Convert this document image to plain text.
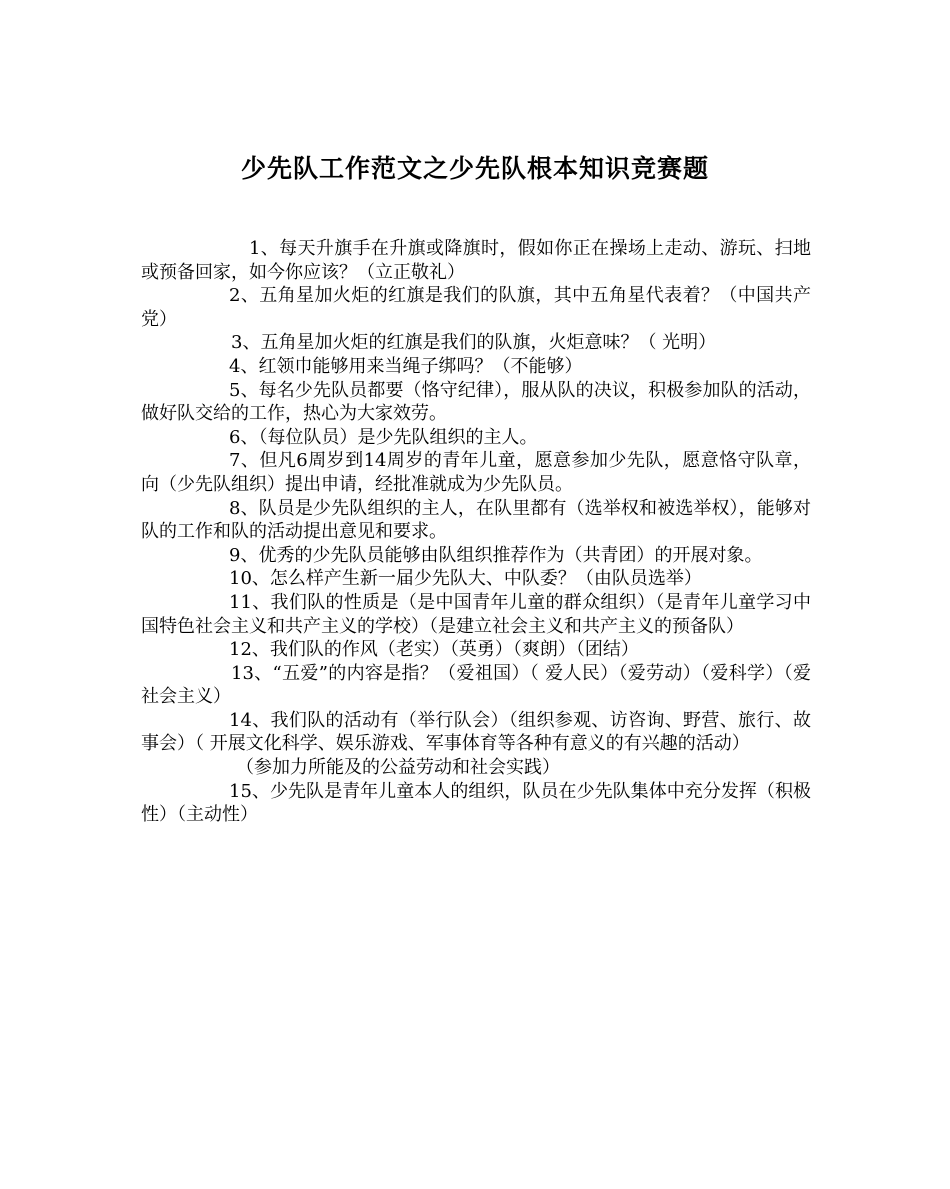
少先队工作范文之少先队根本知识竞赛题

1、每天升旗手在升旗或降旗时，假如你正在操场上走动、游玩、扫地或预备回家，如今你应该？（立正敬礼）

2、五角星加火炬的红旗是我们的队旗，其中五角星代表着？（中国共产党）

3、五角星加火炬的红旗是我们的队旗，火炬意味？（ 光明）

4、红领巾能够用来当绳子绑吗？（不能够）

5、每名少先队员都要（恪守纪律），服从队的决议，积极参加队的活动，做好队交给的工作，热心为大家效劳。

6、（每位队员）是少先队组织的主人。

7、但凡6周岁到14周岁的青年儿童，愿意参加少先队，愿意恪守队章，向（少先队组织）提出申请，经批准就成为少先队员。

8、队员是少先队组织的主人，在队里都有（选举权和被选举权），能够对队的工作和队的活动提出意见和要求。

9、优秀的少先队员能够由队组织推荐作为（共青团）的开展对象。

10、怎么样产生新一届少先队大、中队委？（由队员选举）

11、我们队的性质是（是中国青年儿童的群众组织）（是青年儿童学习中国特色社会主义和共产主义的学校）（是建立社会主义和共产主义的预备队）

12、我们队的作风（老实）（英勇）（爽朗）（团结）

13、“五爱”的内容是指？（爱祖国）（ 爱人民）（爱劳动）（爱科学）（爱社会主义）

14、我们队的活动有（举行队会）（组织参观、访咨询、野营、旅行、故事会）（ 开展文化科学、娱乐游戏、军事体育等各种有意义的有兴趣的活动）

（参加力所能及的公益劳动和社会实践）

15、少先队是青年儿童本人的组织，队员在少先队集体中充分发挥（积极性）（主动性）
